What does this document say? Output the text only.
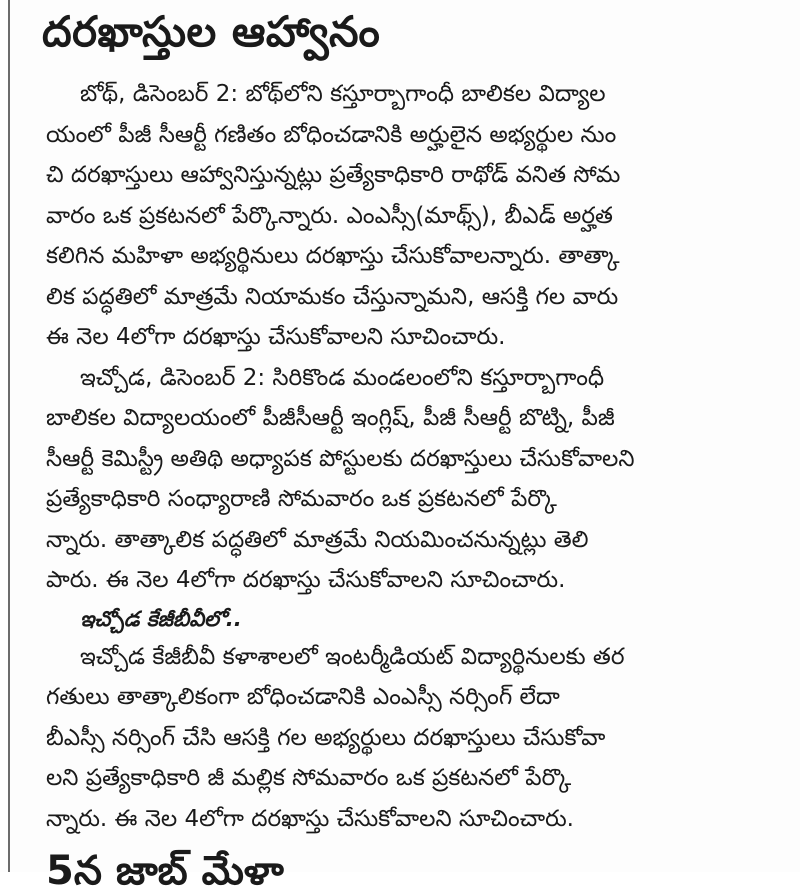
దరఖాస్తుల ఆహ్వానం
బోథ్‌, డిసెంబర్‌ 2: బోథ్‌లోని కస్తూర్బాగాంధీ బాలికల విద్యాల
యంలో పీజీ సీఆర్టీ గణితం బోధించడానికి అర్హులైన అభ్యర్థుల నుం
చి దరఖాస్తులు ఆహ్వానిస్తున్నట్లు ప్రత్యేకాధికారి రాథోడ్‌ వనిత సోమ
వారం ఒక ప్రకటనలో పేర్కొన్నారు. ఎంఎస్సీ(మాథ్స్‌), బీఎడ్‌ అర్హత
కలిగిన మహిళా అభ్యర్థినులు దరఖాస్తు చేసుకోవాలన్నారు. తాత్కా
లిక పద్ధతిలో మాత్రమే నియామకం చేస్తున్నామని, ఆసక్తి గల వారు
ఈ నెల 4లోగా దరఖాస్తు చేసుకోవాలని సూచించారు.
ఇచ్చోడ, డిసెంబర్‌ 2: సిరికొండ మండలంలోని కస్తూర్బాగాంధీ
బాలికల విద్యాలయంలో పీజీసీఆర్టీ ఇంగ్లిష్‌, పీజీ సీఆర్టీ బొట్ని, పీజీ
సీఆర్టీ కెమిస్ట్రీ అతిథి అధ్యాపక పోస్టులకు దరఖాస్తులు చేసుకోవాలని
ప్రత్యేకాధికారి సంధ్యారాణి సోమవారం ఒక ప్రకటనలో పేర్కొ
న్నారు. తాత్కాలిక పద్ధతిలో మాత్రమే నియమించనున్నట్లు తెలి
పారు. ఈ నెల 4లోగా దరఖాస్తు చేసుకోవాలని సూచించారు.
ఇచ్చోడ కేజీబీవీలో..
ఇచ్చోడ కేజీబీవీ కళాశాలలో ఇంటర్మీడియట్‌ విద్యార్థినులకు తర
గతులు తాత్కాలికంగా బోధించడానికి ఎంఎస్సీ నర్సింగ్‌ లేదా
బీఎస్సీ నర్సింగ్‌ చేసి ఆసక్తి గల అభ్యర్థులు దరఖాస్తులు చేసుకోవా
లని ప్రత్యేకాధికారి జీ మల్లిక సోమవారం ఒక ప్రకటనలో పేర్కొ
న్నారు. ఈ నెల 4లోగా దరఖాస్తు చేసుకోవాలని సూచించారు.
5న జాబ్‌ మేళా
